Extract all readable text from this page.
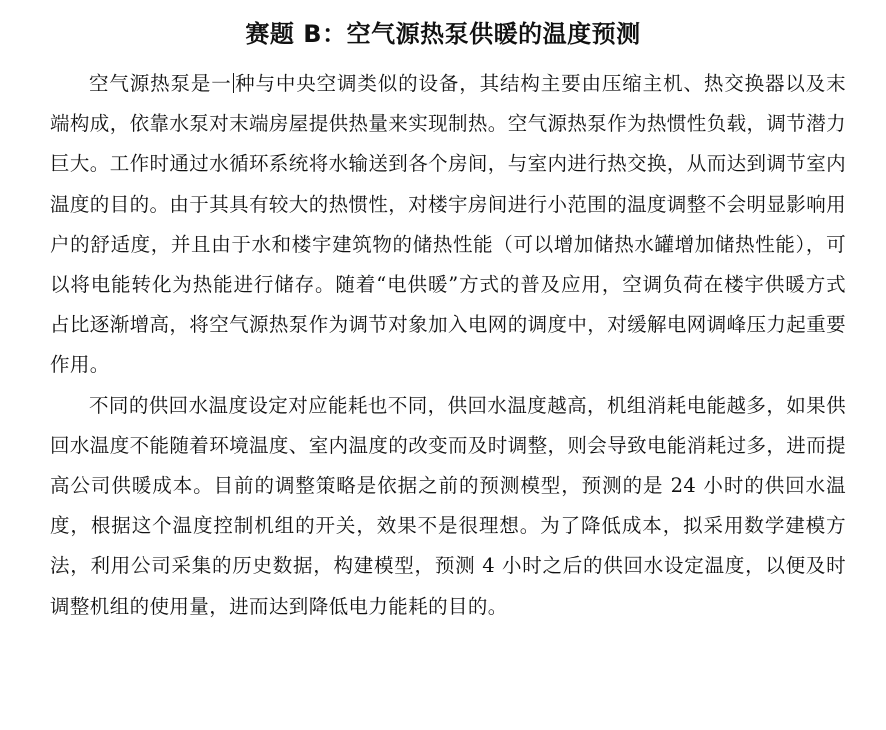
赛题 B：空气源热泵供暖的温度预测

空气源热泵是一 种与中央空调类似的设备，其结构主要由压缩主机、热交换器以及末端构成，依靠水泵对末端房屋提供热量来实现制热。空气源热泵作为热惯性负载，调节潜力巨大。工作时通过水循环系统将水输送到各个房间，与室内进行热交换，从而达到调节室内温度的目的。由于其具有较大的热惯性，对楼宇房间进行小范围的温度调整不会明显影响用户的舒适度，并且由于水和楼宇建筑物的储热性能（可以增加储热水罐增加储热性能），可以将电能转化为热能进行储存。随着“电供暖”方式的普及应用，空调负荷在楼宇供暖方式占比逐渐增高，将空气源热泵作为调节对象加入电网的调度中，对缓解电网调峰压力起重要作用。

不同的供回水温度设定对应能耗也不同，供回水温度越高，机组消耗电能越多，如果供回水温度不能随着环境温度、室内温度的改变而及时调整，则会导致电能消耗过多，进而提高公司供暖成本。目前的调整策略是依据之前的预测模型，预测的是 24 小时的供回水温度，根据这个温度控制机组的开关，效果不是很理想。为了降低成本，拟采用数学建模方法，利用公司采集的历史数据，构建模型，预测 4 小时之后的供回水设定温度，以便及时调整机组的使用量，进而达到降低电力能耗的目的。
